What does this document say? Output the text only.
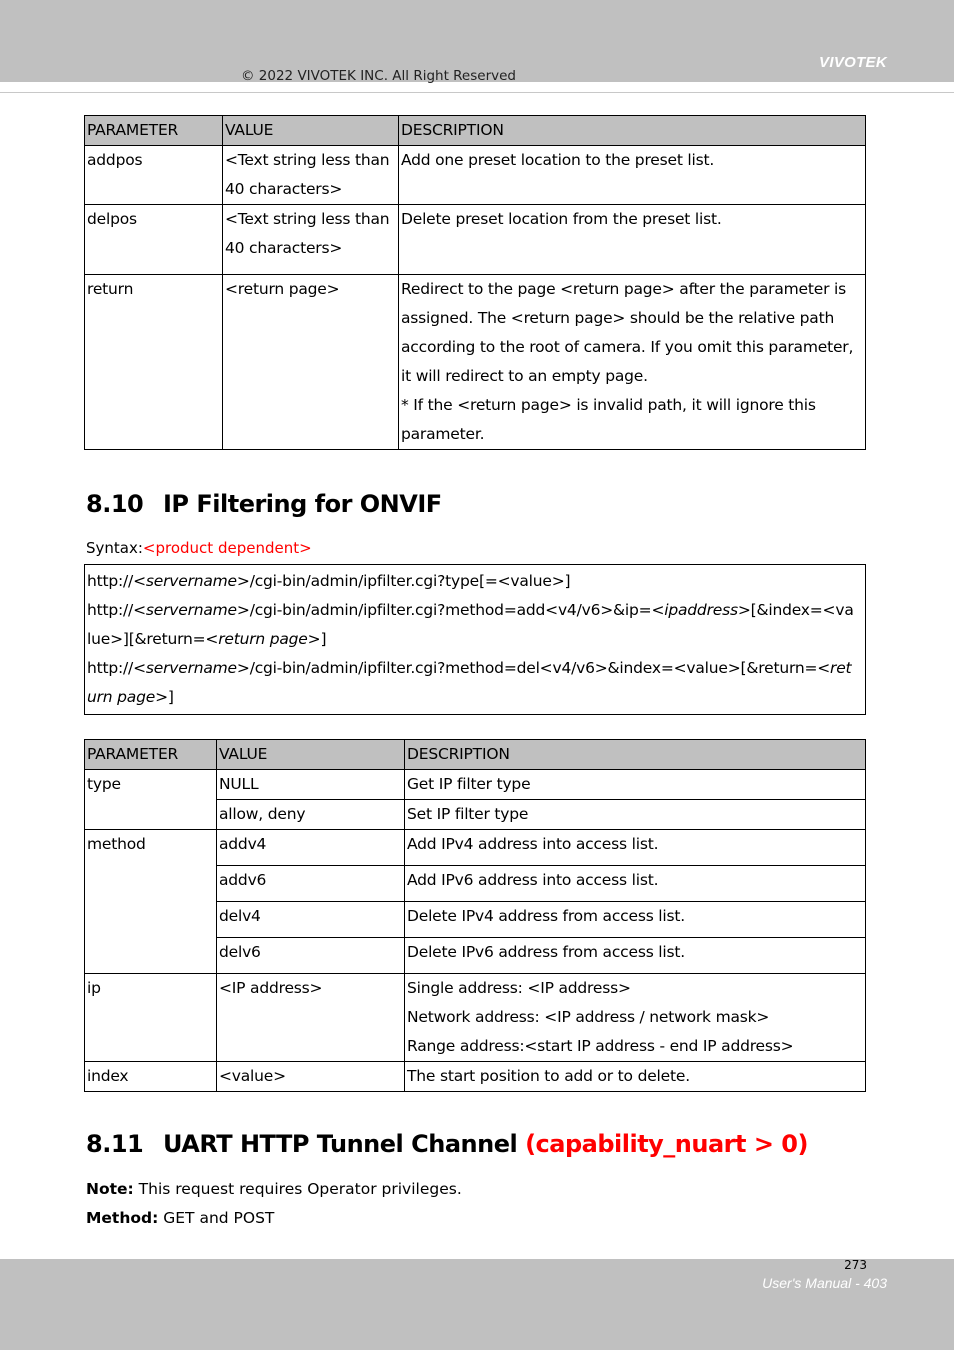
© 2022 VIVOTEK INC. All Right Reserved
VIVOTEK
PARAMETER	VALUE	DESCRIPTION
addpos	<Text string less than 40 characters>	Add one preset location to the preset list.

delpos	<Text string less than 40 characters>	Delete preset location from the preset list.

return	<return page>	Redirect to the page <return page> after the parameter is assigned. The <return page> should be the relative path according to the root of camera. If you omit this parameter, it will redirect to an empty page.
* If the <return page> is invalid path, it will ignore this parameter.
8.10 IP Filtering for ONVIF
Syntax:<product dependent>
http://<servername>/cgi-bin/admin/ipfilter.cgi?type[=<value>]
http://<servername>/cgi-bin/admin/ipfilter.cgi?method=add<v4/v6>&ip=<ipaddress>[&index=<value>][&return=<return page>]
http://<servername>/cgi-bin/admin/ipfilter.cgi?method=del<v4/v6>&index=<value>[&return=<return page>]
PARAMETER	VALUE	DESCRIPTION
type	NULL	Get IP filter type
	allow, deny	Set IP filter type
method	addv4	Add IPv4 address into access list.
	addv6	Add IPv6 address into access list.
	delv4	Delete IPv4 address from access list.
	delv6	Delete IPv6 address from access list.
ip	<IP address>	Single address: <IP address>
Network address: <IP address / network mask>
Range address:<start IP address - end IP address>

index	<value>	The start position to add or to delete.
8.11 UART HTTP Tunnel Channel (capability_nuart > 0)
Note: This request requires Operator privileges.
Method: GET and POST
273
User's Manual - 403
